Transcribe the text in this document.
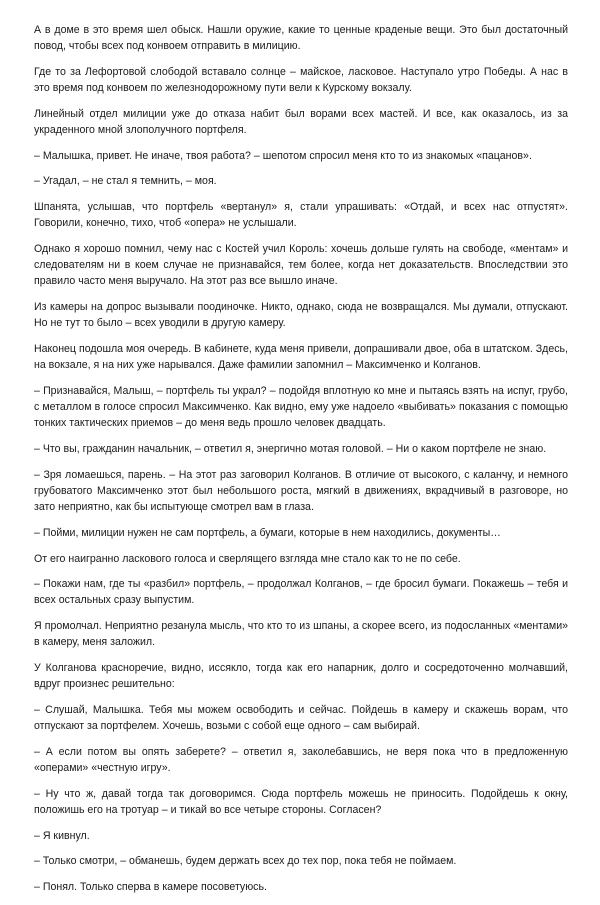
А в доме в это время шел обыск. Нашли оружие, какие то ценные краденые вещи. Это был достаточный повод, чтобы всех под конвоем отправить в милицию.

Где то за Лефортовой слободой вставало солнце – майское, ласковое. Наступало утро Победы. А нас в это время под конвоем по железнодорожному пути вели к Курскому вокзалу.

Линейный отдел милиции уже до отказа набит был ворами всех мастей. И все, как оказалось, из за украденного мной злополучного портфеля.

– Малышка, привет. Не иначе, твоя работа? – шепотом спросил меня кто то из знакомых «пацанов».

– Угадал, – не стал я темнить, – моя.

Шпанята, услышав, что портфель «вертанул» я, стали упрашивать: «Отдай, и всех нас отпустят». Говорили, конечно, тихо, чтоб «опера» не услышали.

Однако я хорошо помнил, чему нас с Костей учил Король: хочешь дольше гулять на свободе, «ментам» и следователям ни в коем случае не признавайся, тем более, когда нет доказательств. Впоследствии это правило часто меня выручало. На этот раз все вышло иначе.

Из камеры на допрос вызывали поодиночке. Никто, однако, сюда не возвращался. Мы думали, отпускают. Но не тут то было – всех уводили в другую камеру.

Наконец подошла моя очередь. В кабинете, куда меня привели, допрашивали двое, оба в штатском. Здесь, на вокзале, я на них уже нарывался. Даже фамилии запомнил – Максимченко и Колганов.

– Признавайся, Малыш, – портфель ты украл? – подойдя вплотную ко мне и пытаясь взять на испуг, грубо, с металлом в голосе спросил Максимченко. Как видно, ему уже надоело «выбивать» показания с помощью тонких тактических приемов – до меня ведь прошло человек двадцать.

– Что вы, гражданин начальник, – ответил я, энергично мотая головой. – Ни о каком портфеле не знаю.

– Зря ломаешься, парень. – На этот раз заговорил Колганов. В отличие от высокого, с каланчу, и немного грубоватого Максимченко этот был небольшого роста, мягкий в движениях, вкрадчивый в разговоре, но зато неприятно, как бы испытующе смотрел вам в глаза.

– Пойми, милиции нужен не сам портфель, а бумаги, которые в нем находились, документы…

От его наигранно ласкового голоса и сверлящего взгляда мне стало как то не по себе.

– Покажи нам, где ты «разбил» портфель, – продолжал Колганов, – где бросил бумаги. Покажешь – тебя и всех остальных сразу выпустим.

Я промолчал. Неприятно резанула мысль, что кто то из шпаны, а скорее всего, из подосланных «ментами» в камеру, меня заложил.

У Колганова красноречие, видно, иссякло, тогда как его напарник, долго и сосредоточенно молчавший, вдруг произнес решительно:

– Слушай, Малышка. Тебя мы можем освободить и сейчас. Пойдешь в камеру и скажешь ворам, что отпускают за портфелем. Хочешь, возьми с собой еще одного – сам выбирай.

– А если потом вы опять заберете? – ответил я, заколебавшись, не веря пока что в предложенную «операми» «честную игру».

– Ну что ж, давай тогда так договоримся. Сюда портфель можешь не приносить. Подойдешь к окну, положишь его на тротуар – и тикай во все четыре стороны. Согласен?

– Я кивнул.

– Только смотри, – обманешь, будем держать всех до тех пор, пока тебя не поймаем.

– Понял. Только сперва в камере посоветуюсь.
